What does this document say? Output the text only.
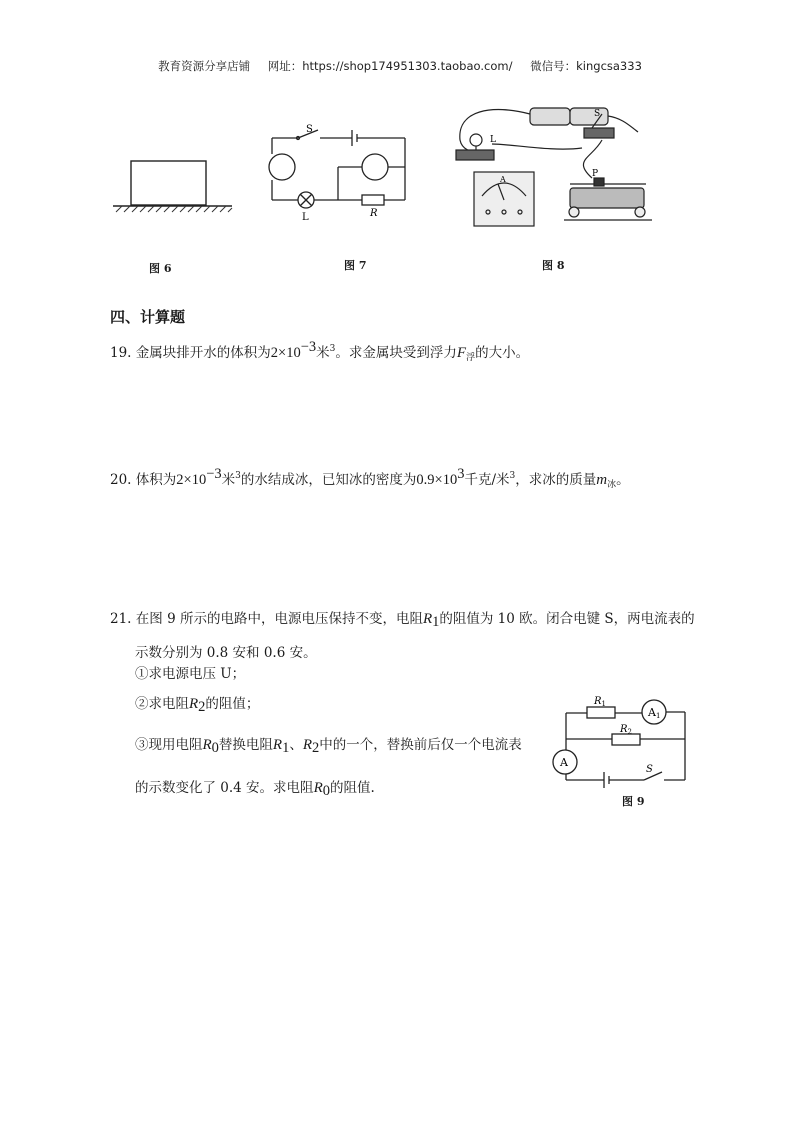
教育资源分享店铺 网址：https://shop174951303.taobao.com/ 微信号：kingcsa333
图 6
S
L	R
图 7
L
S
P
A
图 8
四、计算题
19. 金属块排开水的体积为$2\times 10^{-3}$米$^3$。求金属块受到浮力$F_浮$的大小。
20. 体积为$2\times 10^{-3}$米$^3$的水结成冰，已知冰的密度为$0.9\times 10^3$千克/米$^3$，求冰的质量$m_冰$。
21. 在图 9 所示的电路中，电源电压保持不变，电阻$R_1$的阻值为 10 欧。闭合电键 S，两电流表的
示数分别为 0.8 安和 0.6 安。
①求电源电压 U；
②求电阻$R_2$的阻值；
③现用电阻$R_0$替换电阻$R_1$、$R_2$中的一个，替换前后仅一个电流表
的示数变化了 0.4 安。求电阻$R_0$的阻值.
$R_1$
$R_2$
A1
A
S
图 9
